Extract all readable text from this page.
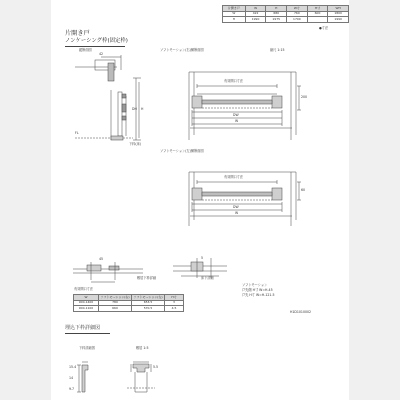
片開き戸	W	H	W寸	H寸	WH
W	422	680	760	600	1800
H	1990	1975	1700		1990
●寸法
片開き戸
ノンケーシング枠(固定枠)
縦断面図	ソフトモーション(右)横断面図	縮尺 1:15
ソフトモーション(左)横断面図
H
DH
FL
下枠(床)
42
有効開口寸法
DW
W
200
有効開口寸法
DW
W
60
敷居下枠詳細	床下詳細
45	5
ソフトモーション
戸先側 H寸 W=H-45
戸先 H寸 W=H-121.5
有効開口寸法
W	ソフトモーション(右)	ソフトモーション(左)	H寸
900-1400	780	653.5	3
900-1100	660	570.5	4.5
H1D1010002
埋込下枠詳細図
下枠詳細図	敷居 1:5
15.4
14
9.7
5.5
